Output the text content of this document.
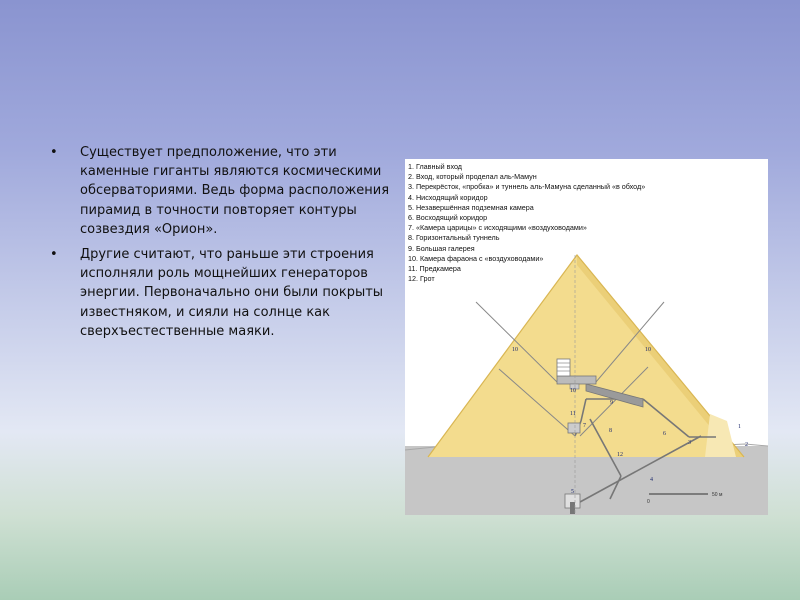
• Существует предположение, что эти каменные гиганты являются космическими обсерваториями. Ведь форма расположения пирамид в точности повторяет контуры созвездия «Орион».
• Другие считают, что раньше эти строения исполняли роль мощнейших генераторов энергии. Первоначально они были покрыты известняком, и сияли на солнце как сверхъестественные маяки.
1
2
3
4
5
6
7
8
9
10
11
12
10	10
0
50 м
1. Главный вход
2. Вход, который проделал аль-Мамун
3. Перекрёсток, «пробка» и туннель аль-Мамуна сделанный «в обход»
4. Нисходящий коридор
5. Незавершённая подземная камера
6. Восходящий коридор
7. «Камера царицы» с исходящими «воздуховодами»
8. Горизонтальный туннель
9. Большая галерея
10. Камера фараона с «воздуховодами»
11. Предкамера
12. Грот
